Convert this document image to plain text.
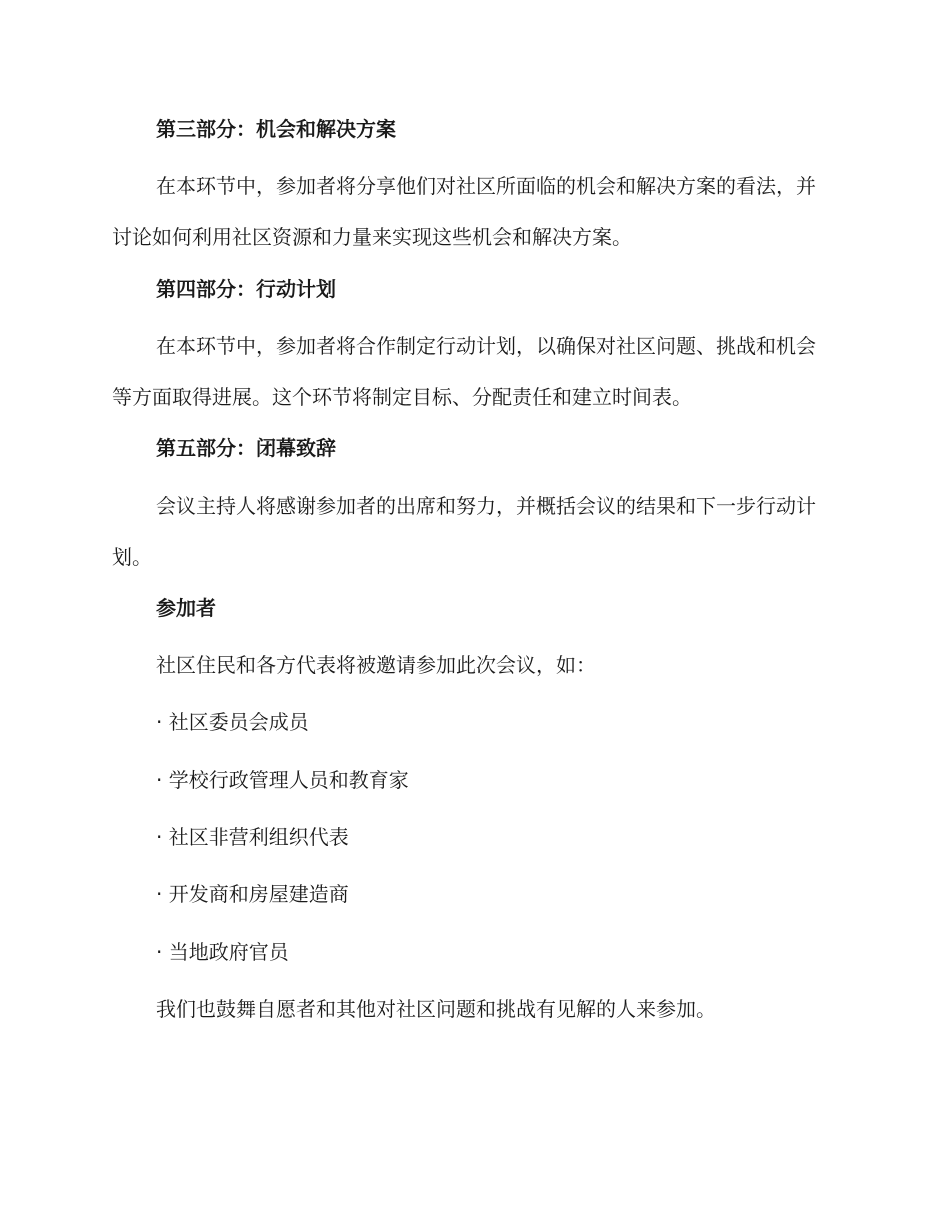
第三部分：机会和解决方案
在本环节中，参加者将分享他们对社区所面临的机会和解决方案的看法，并讨论如何利用社区资源和力量来实现这些机会和解决方案。
第四部分：行动计划
在本环节中，参加者将合作制定行动计划，以确保对社区问题、挑战和机会等方面取得进展。这个环节将制定目标、分配责任和建立时间表。
第五部分：闭幕致辞
会议主持人将感谢参加者的出席和努力，并概括会议的结果和下一步行动计划。
参加者
社区住民和各方代表将被邀请参加此次会议，如：
· 社区委员会成员
· 学校行政管理人员和教育家
· 社区非营利组织代表
· 开发商和房屋建造商
· 当地政府官员
我们也鼓舞自愿者和其他对社区问题和挑战有见解的人来参加。
